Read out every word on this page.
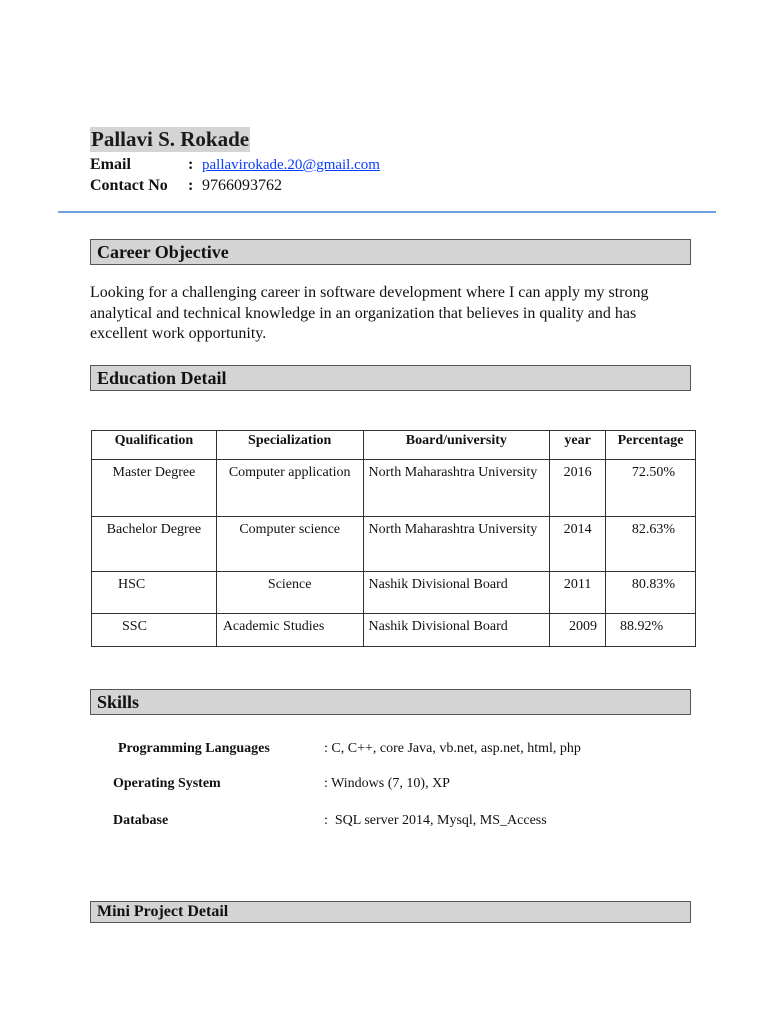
Pallavi S. Rokade
Email	: pallavirokade.20@gmail.com
Contact No	: 9766093762
Career Objective
Looking for a challenging career in software development where I can apply my strong analytical and technical knowledge in an organization that believes in quality and has excellent work opportunity.
Education Detail
Qualification	Specialization	Board/university	year	Percentage
Master Degree	Computer application	North Maharashtra University	2016	72.50%
Bachelor Degree	Computer science	North Maharashtra University	2014	82.63%
HSC	Science	Nashik Divisional Board	2011	80.83%
SSC	Academic Studies	Nashik Divisional Board	2009	88.92%
Skills
Programming Languages	: C, C++, core Java, vb.net, asp.net, html, php
Operating System	: Windows (7, 10), XP
Database	:  SQL server 2014, Mysql, MS_Access
Mini Project Detail
